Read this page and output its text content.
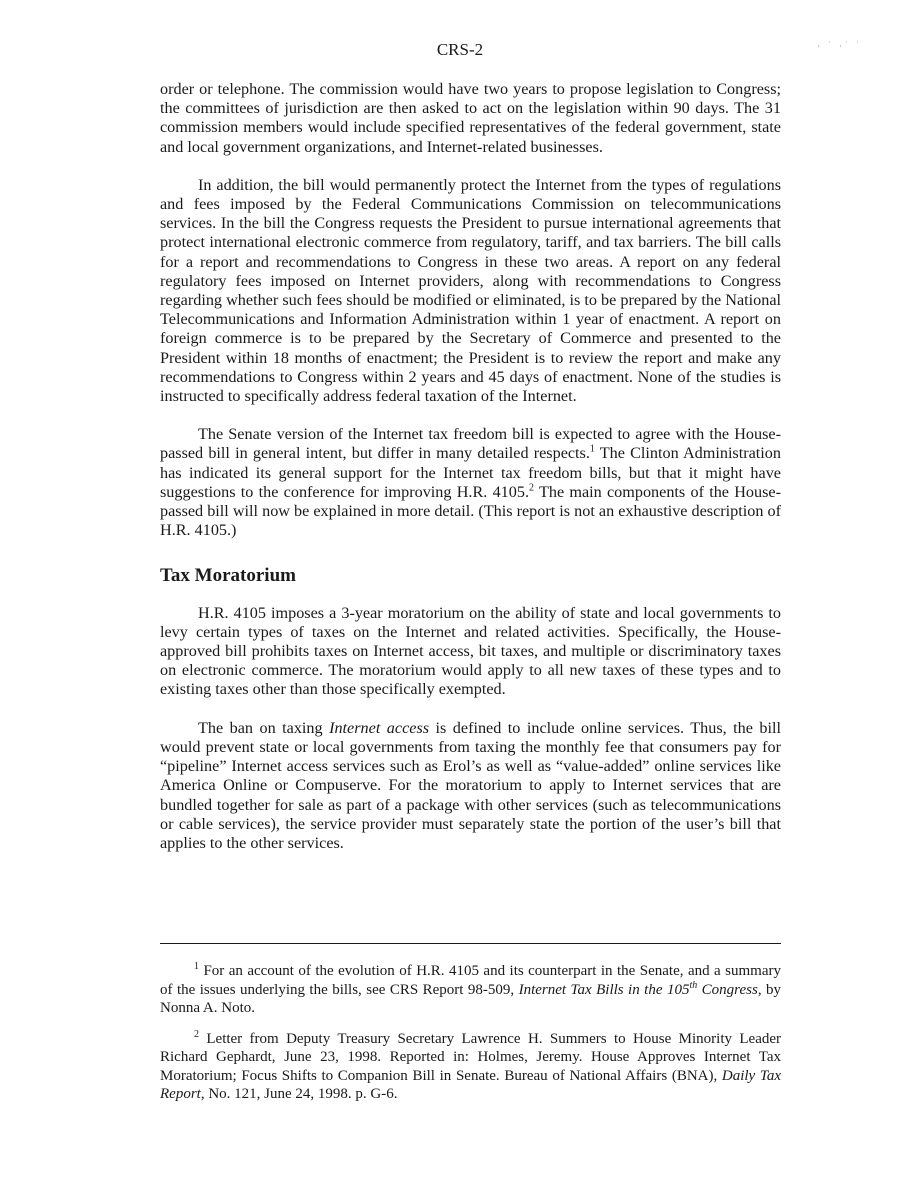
CRS-2	⸳ ˙ ⸳˙ ˙

order or telephone. The commission would have two years to propose legislation to Congress; the committees of jurisdiction are then asked to act on the legislation within 90 days. The 31 commission members would include specified representatives of the federal government, state and local government organizations, and Internet-related businesses.

In addition, the bill would permanently protect the Internet from the types of regulations and fees imposed by the Federal Communications Commission on telecommunications services. In the bill the Congress requests the President to pursue international agreements that protect international electronic commerce from regulatory, tariff, and tax barriers. The bill calls for a report and recommendations to Congress in these two areas. A report on any federal regulatory fees imposed on Internet providers, along with recommendations to Congress regarding whether such fees should be modified or eliminated, is to be prepared by the National Telecommunications and Information Administration within 1 year of enactment. A report on foreign commerce is to be prepared by the Secretary of Commerce and presented to the President within 18 months of enactment; the President is to review the report and make any recommendations to Congress within 2 years and 45 days of enactment. None of the studies is instructed to specifically address federal taxation of the Internet.

The Senate version of the Internet tax freedom bill is expected to agree with the House-passed bill in general intent, but differ in many detailed respects.$^1$ The Clinton Administration has indicated its general support for the Internet tax freedom bills, but that it might have suggestions to the conference for improving H.R. 4105.$^2$ The main components of the House-passed bill will now be explained in more detail. (This report is not an exhaustive description of H.R. 4105.)

Tax Moratorium

H.R. 4105 imposes a 3-year moratorium on the ability of state and local governments to levy certain types of taxes on the Internet and related activities. Specifically, the House-approved bill prohibits taxes on Internet access, bit taxes, and multiple or discriminatory taxes on electronic commerce. The moratorium would apply to all new taxes of these types and to existing taxes other than those specifically exempted.

The ban on taxing Internet access is defined to include online services. Thus, the bill would prevent state or local governments from taxing the monthly fee that consumers pay for “pipeline” Internet access services such as Erol’s as well as “value-added” online services like America Online or Compuserve. For the moratorium to apply to Internet services that are bundled together for sale as part of a package with other services (such as telecommunications or cable services), the service provider must separately state the portion of the user’s bill that applies to the other services.

$^1$ For an account of the evolution of H.R. 4105 and its counterpart in the Senate, and a summary of the issues underlying the bills, see CRS Report 98-509, Internet Tax Bills in the 105th Congress, by Nonna A. Noto.

$^2$ Letter from Deputy Treasury Secretary Lawrence H. Summers to House Minority Leader Richard Gephardt, June 23, 1998. Reported in: Holmes, Jeremy. House Approves Internet Tax Moratorium; Focus Shifts to Companion Bill in Senate. Bureau of National Affairs (BNA), Daily Tax Report, No. 121, June 24, 1998. p. G-6.
